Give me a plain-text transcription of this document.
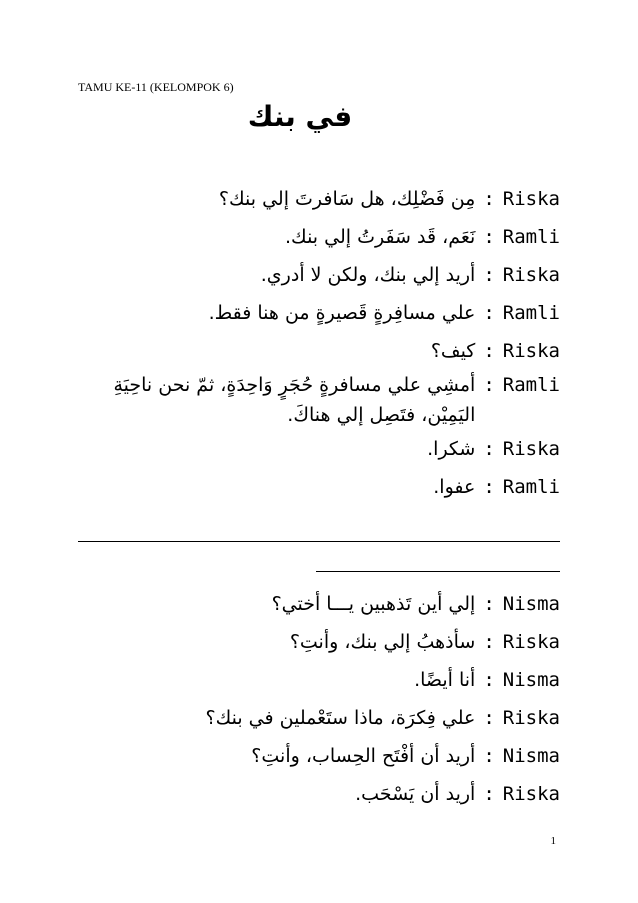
TAMU KE-11 (KELOMPOK 6)
في بنك
Riska
:
مِن فَضْلِك، هل سَافرتَ إلي بنك؟
Ramli
:
نَعَم، قَد سَفَرتُ إلي بنك.
Riska
:
أريد إلي بنك، ولكن لا أدري.
Ramli
:
علي مسافِرةٍ قَصيرةٍ من هنا فقط.
Riska
:
كيف؟
Ramli
:
أمشِي علي مسافرةٍ حُجَرٍ وَاحِدَةٍ، ثمّ نحن ناحِيَةِ اليَمِيْن، فتَصِل إلي هناكَ.
Riska
:
شكرا.
Ramli
:
عفوا.
Nisma
:
إلي أين تَذهبين يـــا أختي؟
Riska
:
سأذهبُ إلي بنك، وأنتِ؟
Nisma
:
أنا أيضًا.
Riska
:
علي فِكرَة، ماذا ستَعْملين في بنك؟
Nisma
:
أريد أن أفْتَح الحِساب، وأنتِ؟
Riska
:
أريد أن يَسْحَب.
1
